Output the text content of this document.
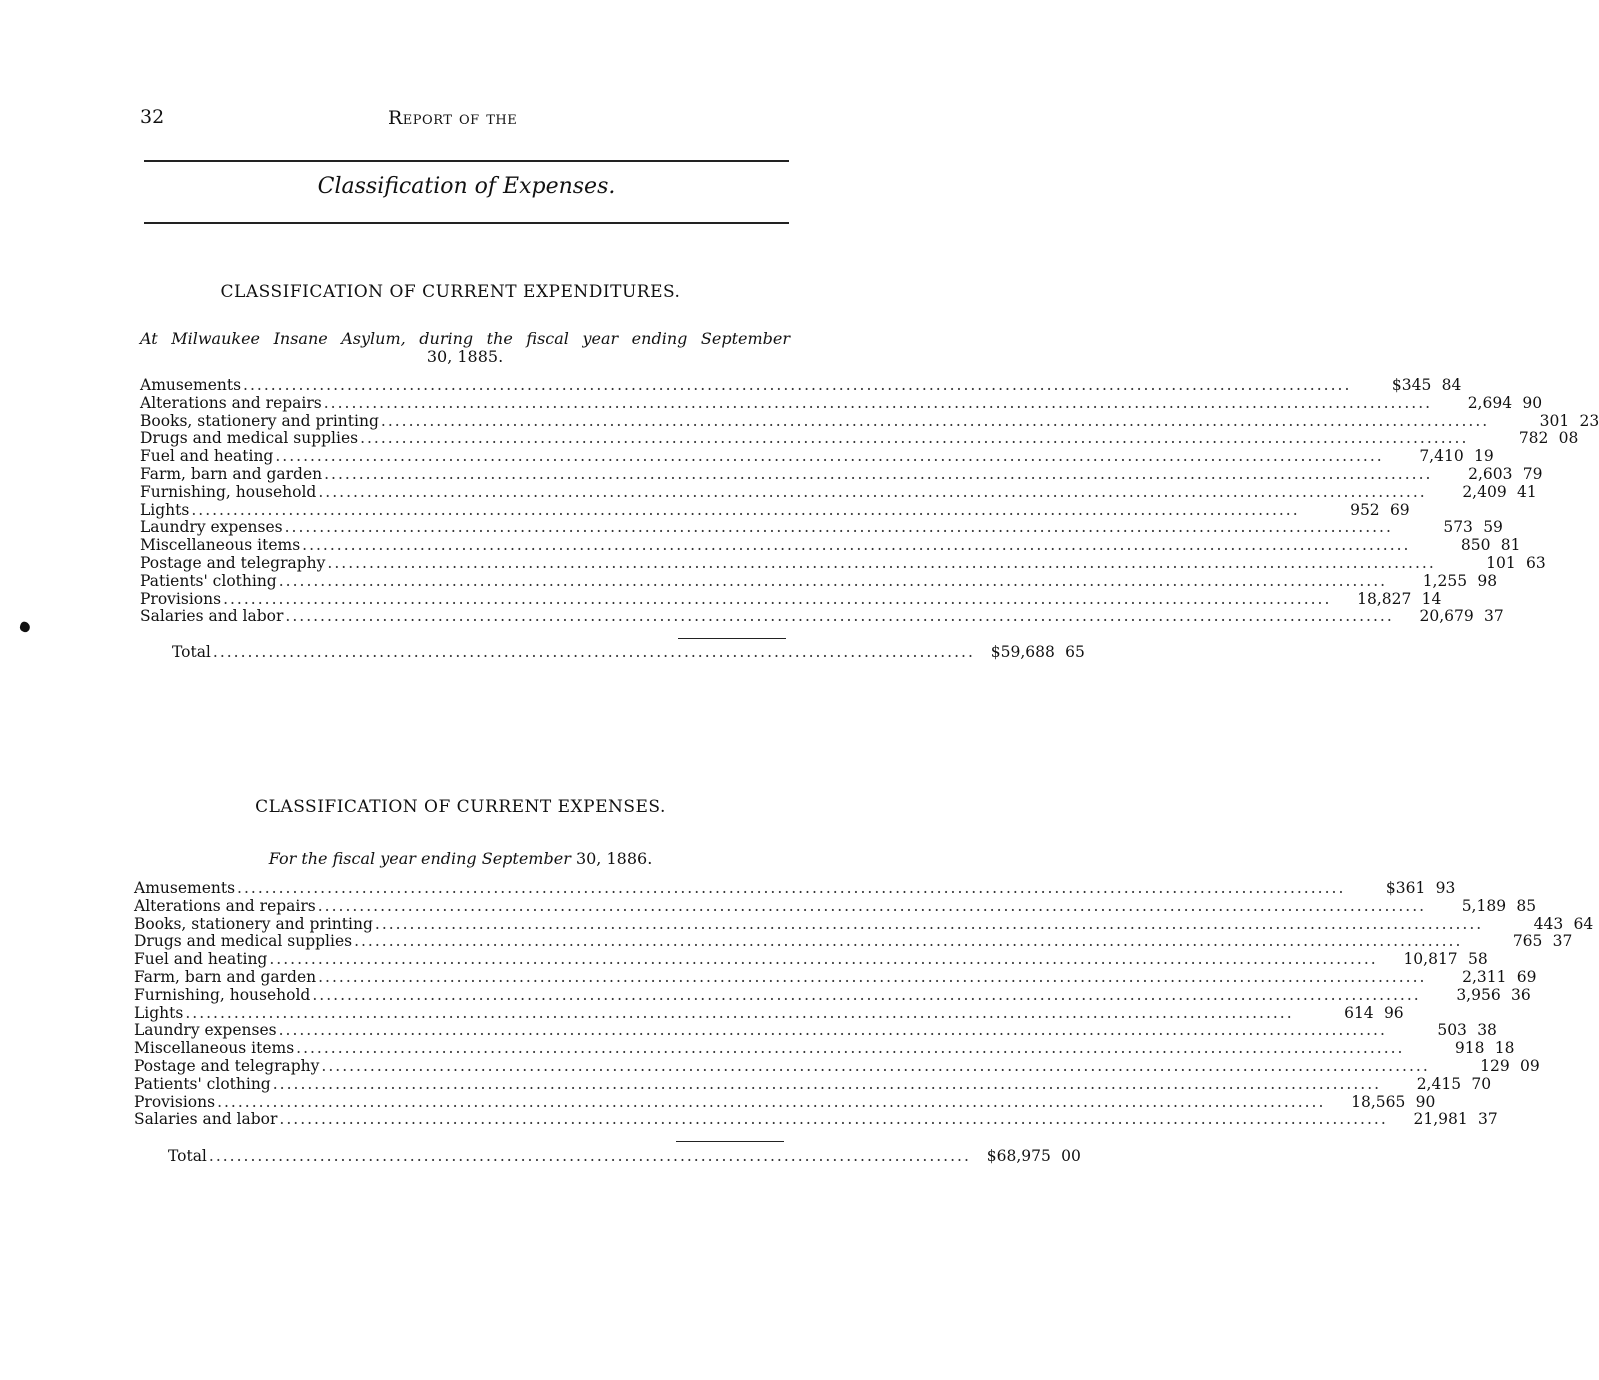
32	Report of the
Classification of Expenses.
CLASSIFICATION OF CURRENT EXPENDITURES.
At Milwaukee Insane Asylum, during the fiscal year ending September
30, 1885.
Amusements ................................................................................................................................................................	$345 84
Alterations and repairs ................................................................................................................................................................	2,694 90
Books, stationery and printing ................................................................................................................................................................	301 23
Drugs and medical supplies ................................................................................................................................................................	782 08
Fuel and heating ................................................................................................................................................................	7,410 19
Farm, barn and garden ................................................................................................................................................................	2,603 79
Furnishing, household ................................................................................................................................................................	2,409 41
Lights ................................................................................................................................................................	952 69
Laundry expenses ................................................................................................................................................................	573 59
Miscellaneous items ................................................................................................................................................................	850 81
Postage and telegraphy ................................................................................................................................................................	101 63
Patients' clothing ................................................................................................................................................................	1,255 98
Provisions ................................................................................................................................................................	18,827 14
Salaries and labor ................................................................................................................................................................	20,679 37
Total ..............................................................................................................	$59,688 65
CLASSIFICATION OF CURRENT EXPENSES.
For the fiscal year ending September 30, 1886.
Amusements ................................................................................................................................................................	$361 93
Alterations and repairs ................................................................................................................................................................	5,189 85
Books, stationery and printing ................................................................................................................................................................	443 64
Drugs and medical supplies ................................................................................................................................................................	765 37
Fuel and heating ................................................................................................................................................................	10,817 58
Farm, barn and garden ................................................................................................................................................................	2,311 69
Furnishing, household ................................................................................................................................................................	3,956 36
Lights ................................................................................................................................................................	614 96
Laundry expenses ................................................................................................................................................................	503 38
Miscellaneous items ................................................................................................................................................................	918 18
Postage and telegraphy ................................................................................................................................................................	129 09
Patients' clothing ................................................................................................................................................................	2,415 70
Provisions ................................................................................................................................................................	18,565 90
Salaries and labor ................................................................................................................................................................	21,981 37
Total ..............................................................................................................	$68,975 00
